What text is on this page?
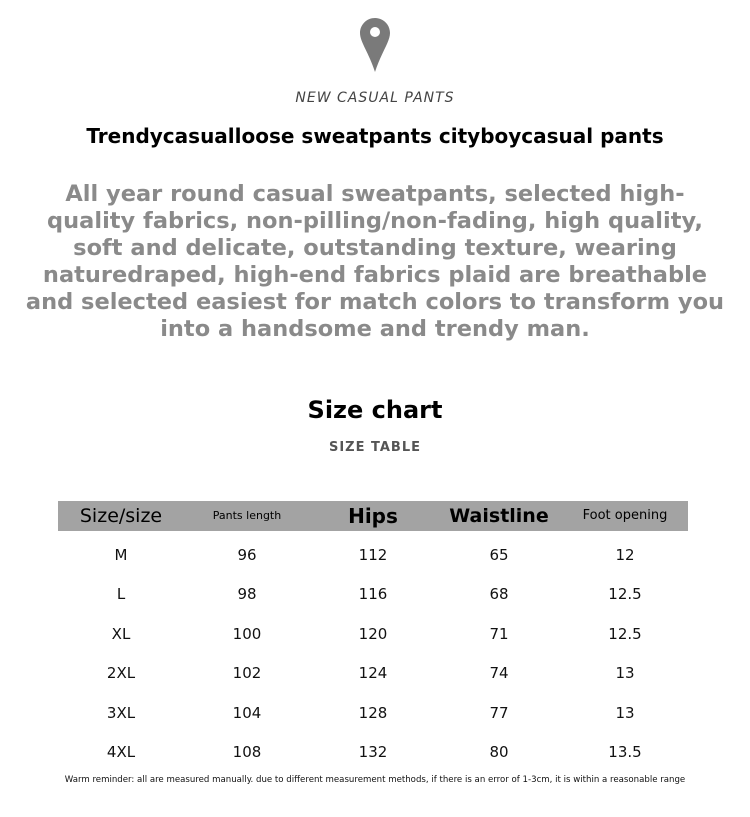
NEW CASUAL PANTS
Trendycasualloose sweatpants cityboycasual pants
All year round casual sweatpants, selected high-quality fabrics, non-pilling/non-fading, high quality, soft and delicate, outstanding texture, wearing naturedraped, high-end fabrics plaid are breathable and selected easiest for match colors to transform you into a handsome and trendy man.
Size chart
SIZE TABLE
Size/size	Pants length	Hips	Waistline	Foot opening
M	96	112	65	12
L	98	116	68	12.5
XL	100	120	71	12.5
2XL	102	124	74	13
3XL	104	128	77	13
4XL	108	132	80	13.5
Warm reminder: all are measured manually. due to different measurement methods, if there is an error of 1-3cm, it is within a reasonable range
